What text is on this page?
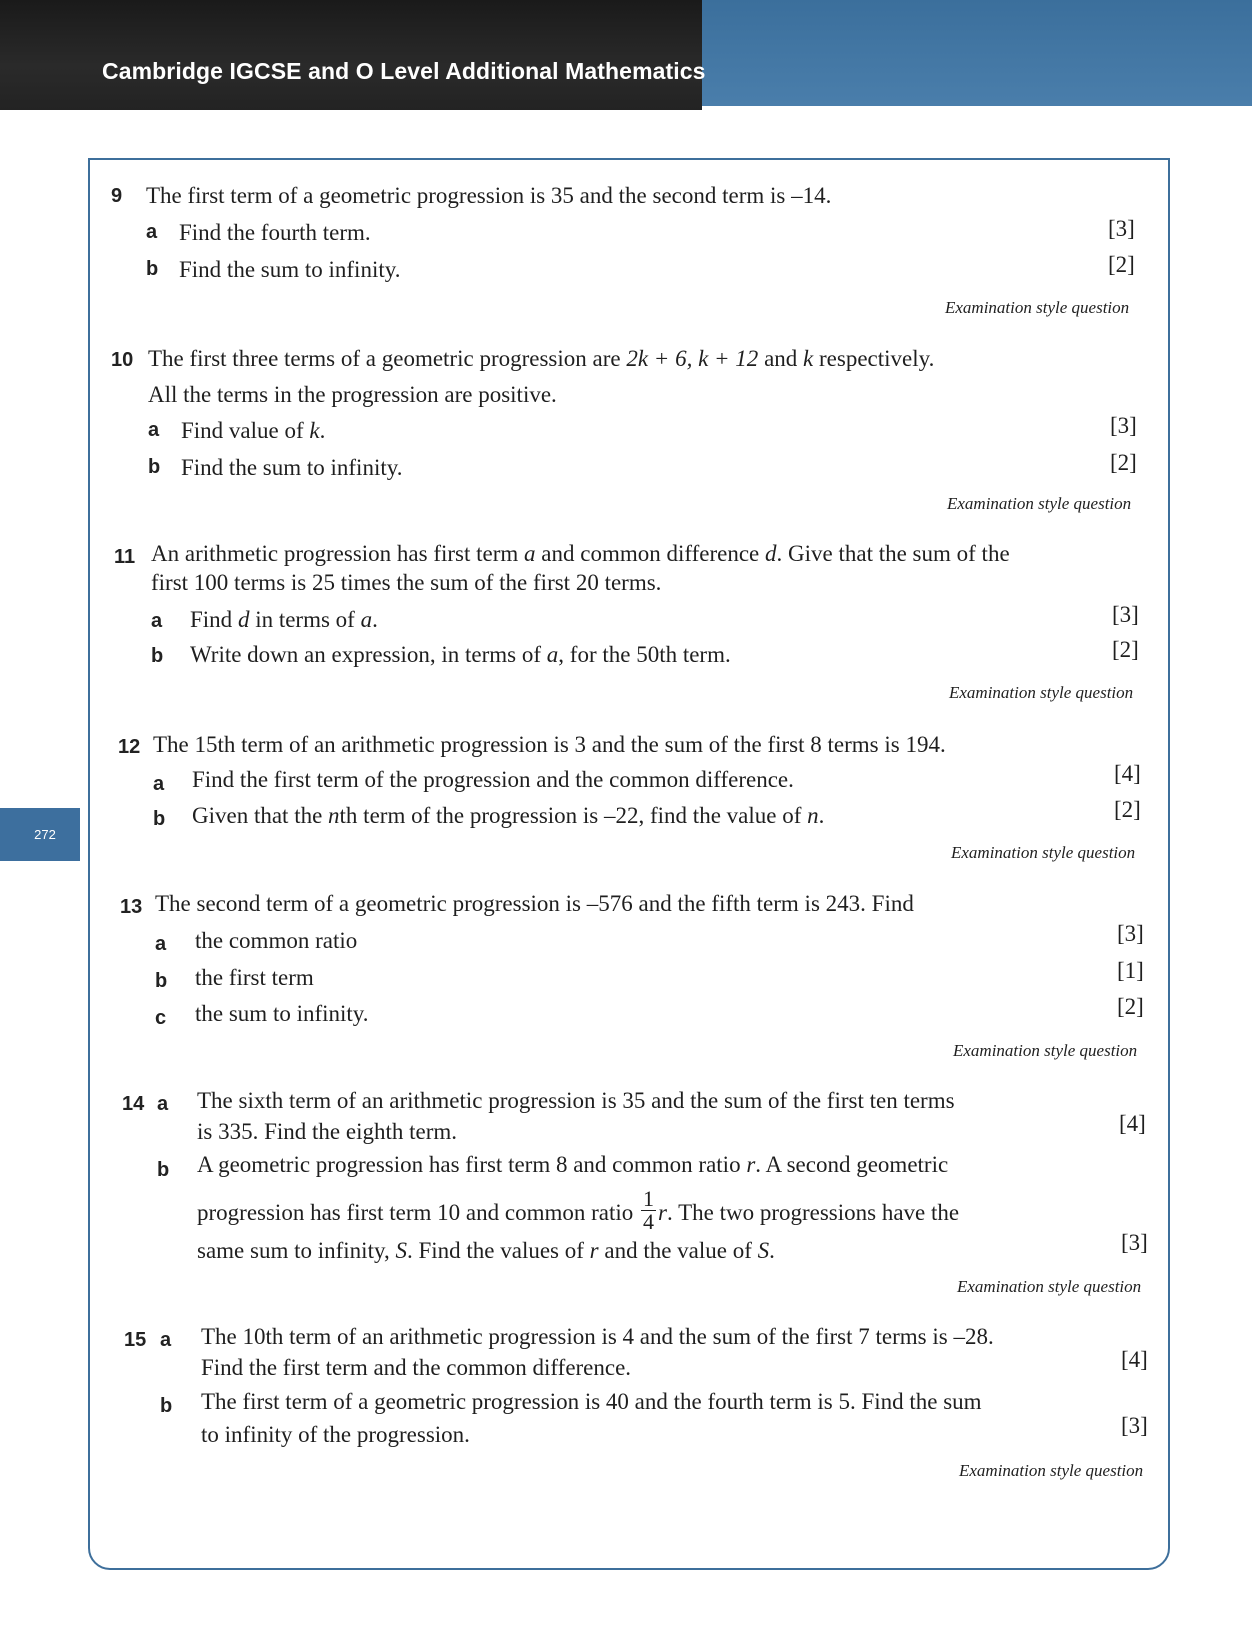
Cambridge IGCSE and O Level Additional Mathematics
272
9 The first term of a geometric progression is 35 and the second term is –14.
a Find the fourth term.	[3]
b Find the sum to infinity.	[2]
Examination style question
10 The first three terms of a geometric progression are 2k + 6, k + 12 and k respectively.
All the terms in the progression are positive.
a Find value of k.	[3]
b Find the sum to infinity.	[2]
Examination style question
11 An arithmetic progression has first term a and common difference d. Give that the sum of the
first 100 terms is 25 times the sum of the first 20 terms.
a Find d in terms of a.	[3]
b Write down an expression, in terms of a, for the 50th term.	[2]
Examination style question
12 The 15th term of an arithmetic progression is 3 and the sum of the first 8 terms is 194.
a Find the first term of the progression and the common difference.	[4]
b Given that the nth term of the progression is –22, find the value of n.	[2]
Examination style question
13 The second term of a geometric progression is –576 and the fifth term is 243. Find
a the common ratio	[3]
b the first term	[1]
c the sum to infinity.	[2]
Examination style question
14 a The sixth term of an arithmetic progression is 35 and the sum of the first ten terms
is 335. Find the eighth term.	[4]
b A geometric progression has first term 8 and common ratio r. A second geometric
progression has first term 10 and common ratio $\frac{1}{4} r$. The two progressions have the
same sum to infinity, S. Find the values of r and the value of S.	[3]
Examination style question
15 a The 10th term of an arithmetic progression is 4 and the sum of the first 7 terms is –28.
Find the first term and the common difference.	[4]
b The first term of a geometric progression is 40 and the fourth term is 5. Find the sum
to infinity of the progression.	[3]
Examination style question
